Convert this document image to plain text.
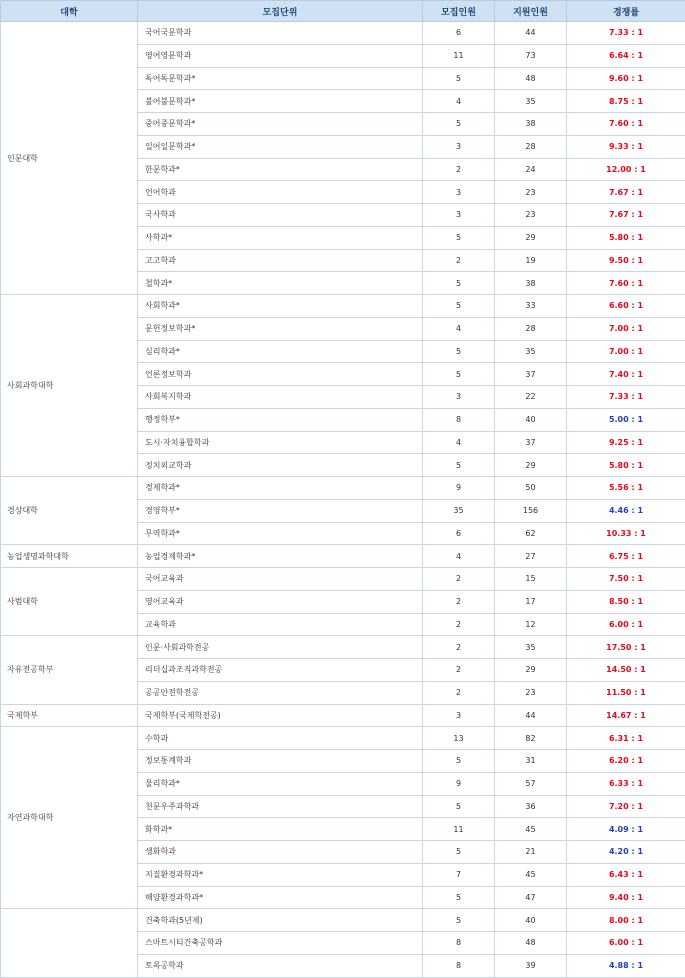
대학	모집단위	모집인원	지원인원	경쟁률
인문대학	국어국문학과	6	44	7.33 : 1
	영어영문학과	11	73	6.64 : 1
	독어독문학과*	5	48	9.60 : 1
	불어불문학과*	4	35	8.75 : 1
	중어중문학과*	5	38	7.60 : 1
	일어일문학과*	3	28	9.33 : 1
	한문학과*	2	24	12.00 : 1
	언어학과	3	23	7.67 : 1
	국사학과	3	23	7.67 : 1
	사학과*	5	29	5.80 : 1
	고고학과	2	19	9.50 : 1
	철학과*	5	38	7.60 : 1
사회과학대학	사회학과*	5	33	6.60 : 1
	문헌정보학과*	4	28	7.00 : 1
	심리학과*	5	35	7.00 : 1
	언론정보학과	5	37	7.40 : 1
	사회복지학과	3	22	7.33 : 1
	행정학부*	8	40	5.00 : 1
	도시·자치융합학과	4	37	9.25 : 1
	정치외교학과	5	29	5.80 : 1
경상대학	경제학과*	9	50	5.56 : 1
	경영학부*	35	156	4.46 : 1
	무역학과*	6	62	10.33 : 1
농업생명과학대학	농업경제학과*	4	27	6.75 : 1
사범대학	국어교육과	2	15	7.50 : 1
	영어교육과	2	17	8.50 : 1
	교육학과	2	12	6.00 : 1
자유전공학부	인문·사회과학전공	2	35	17.50 : 1
	리더십과조직과학전공	2	29	14.50 : 1
	공공안전학전공	2	23	11.50 : 1
국제학부	국제학부(국제학전공)	3	44	14.67 : 1
자연과학대학	수학과	13	82	6.31 : 1
	정보통계학과	5	31	6.20 : 1
	물리학과*	9	57	6.33 : 1
	천문우주과학과	5	36	7.20 : 1
	화학과*	11	45	4.09 : 1
	생화학과	5	21	4.20 : 1
	지질환경과학과*	7	45	6.43 : 1
	해양환경과학과*	5	47	9.40 : 1
	건축학과(5년제)	5	40	8.00 : 1
	스마트시티건축공학과	8	48	6.00 : 1
	토목공학과	8	39	4.88 : 1
